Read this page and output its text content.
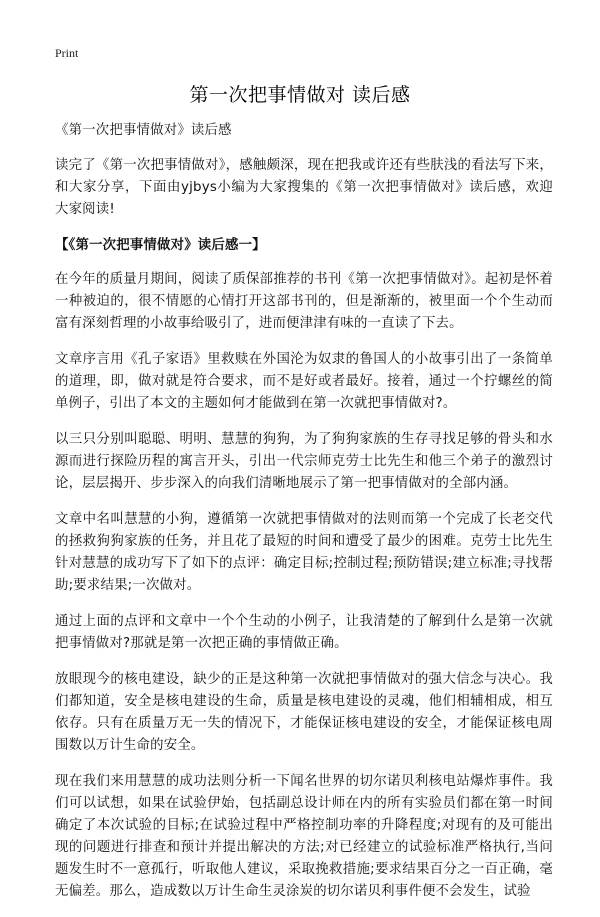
Print
第一次把事情做对 读后感

《第一次把事情做对》读后感

读完了《第一次把事情做对》，感触颇深，现在把我或许还有些肤浅的看法写下来，和大家分享，下面由yjbys小编为大家搜集的《第一次把事情做对》读后感，欢迎大家阅读!

【《第一次把事情做对》读后感一】

在今年的质量月期间，阅读了质保部推荐的书刊《第一次把事情做对》。起初是怀着一种被迫的，很不情愿的心情打开这部书刊的，但是渐渐的，被里面一个个生动而富有深刻哲理的小故事给吸引了，进而便津津有味的一直读了下去。

文章序言用《孔子家语》里救赎在外国沦为奴隶的鲁国人的小故事引出了一条简单的道理，即，做对就是符合要求，而不是好或者最好。接着，通过一个拧螺丝的简单例子，引出了本文的主题如何才能做到在第一次就把事情做对?。

以三只分别叫聪聪、明明、慧慧的狗狗，为了狗狗家族的生存寻找足够的骨头和水源而进行探险历程的寓言开头，引出一代宗师克劳士比先生和他三个弟子的激烈讨论，层层揭开、步步深入的向我们清晰地展示了第一把事情做对的全部内涵。

文章中名叫慧慧的小狗，遵循第一次就把事情做对的法则而第一个完成了长老交代的拯救狗狗家族的任务，并且花了最短的时间和遭受了最少的困难。克劳士比先生针对慧慧的成功写下了如下的点评：确定目标;控制过程;预防错误;建立标准;寻找帮助;要求结果;一次做对。

通过上面的点评和文章中一个个生动的小例子，让我清楚的了解到什么是第一次就把事情做对?那就是第一次把正确的事情做正确。

放眼现今的核电建设，缺少的正是这种第一次就把事情做对的强大信念与决心。我们都知道，安全是核电建设的生命，质量是核电建设的灵魂，他们相辅相成，相互依存。只有在质量万无一失的情况下，才能保证核电建设的安全，才能保证核电周围数以万计生命的安全。

现在我们来用慧慧的成功法则分析一下闻名世界的切尔诺贝利核电站爆炸事件。我们可以试想，如果在试验伊始，包括副总设计师在内的所有实验员们都在第一时间确定了本次试验的目标;在试验过程中严格控制功率的升降程度;对现有的及可能出现的问题进行排查和预计并提出解决的方法;对已经建立的试验标准严格执行,当问题发生时不一意孤行，听取他人建议，采取挽救措施;要求结果百分之一百正确，毫无偏差。那么，造成数以万计生命生灵涂炭的切尔诺贝利事件便不会发生，试验
